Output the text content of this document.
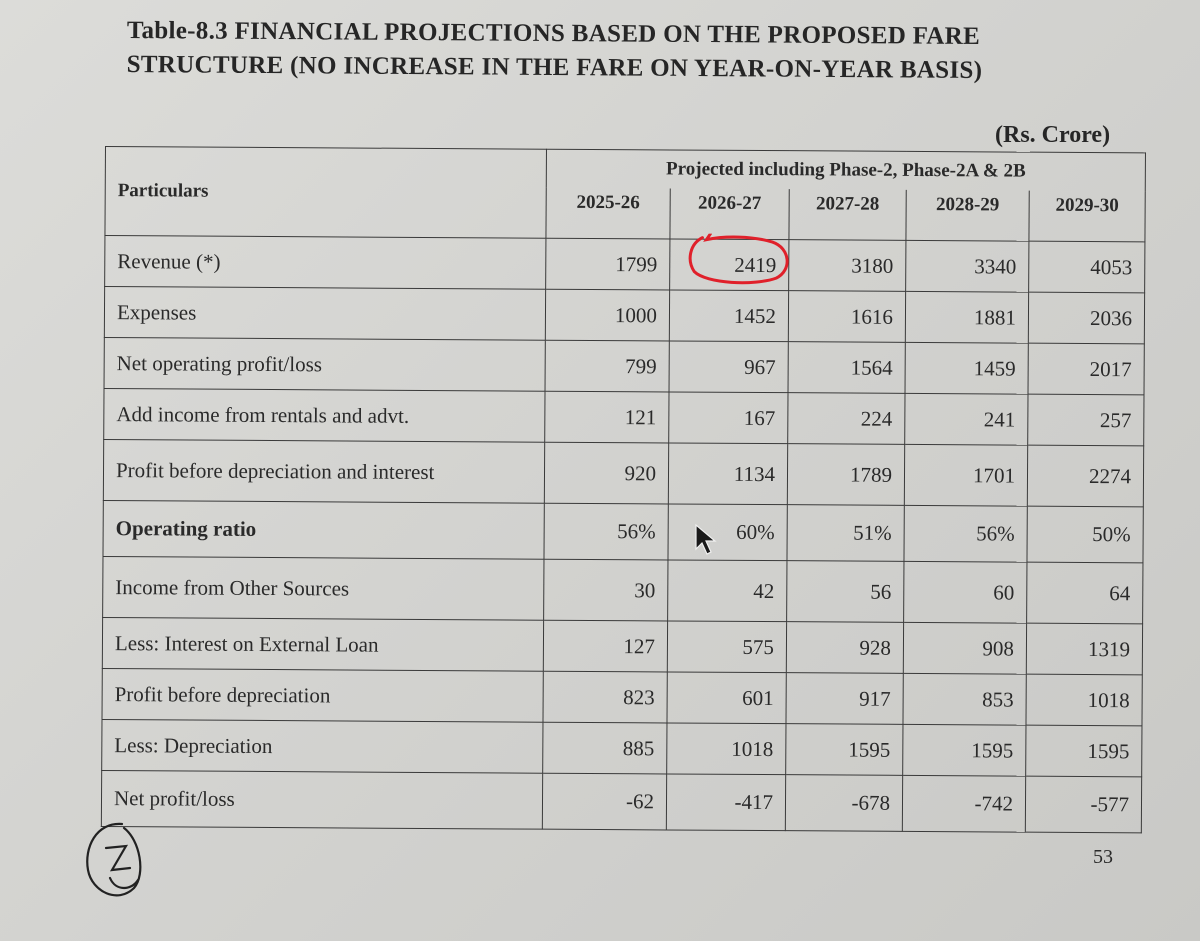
Table-8.3 FINANCIAL PROJECTIONS BASED ON THE PROPOSED FARE STRUCTURE (NO INCREASE IN THE FARE ON YEAR-ON-YEAR BASIS)
(Rs. Crore)
Particulars	Projected including Phase-2, Phase-2A & 2B				
	2025-26	2026-27	2027-28	2028-29	2029-30
Revenue (*)	1799	2419	3180	3340	4053
Expenses	1000	1452	1616	1881	2036
Net operating profit/loss	799	967	1564	1459	2017
Add income from rentals and advt.	121	167	224	241	257
Profit before depreciation and interest	920	1134	1789	1701	2274
Operating ratio	56%	60%	51%	56%	50%
Income from Other Sources	30	42	56	60	64
Less: Interest on External Loan	127	575	928	908	1319
Profit before depreciation	823	601	917	853	1018
Less: Depreciation	885	1018	1595	1595	1595
Net profit/loss	-62	-417	-678	-742	-577
53
